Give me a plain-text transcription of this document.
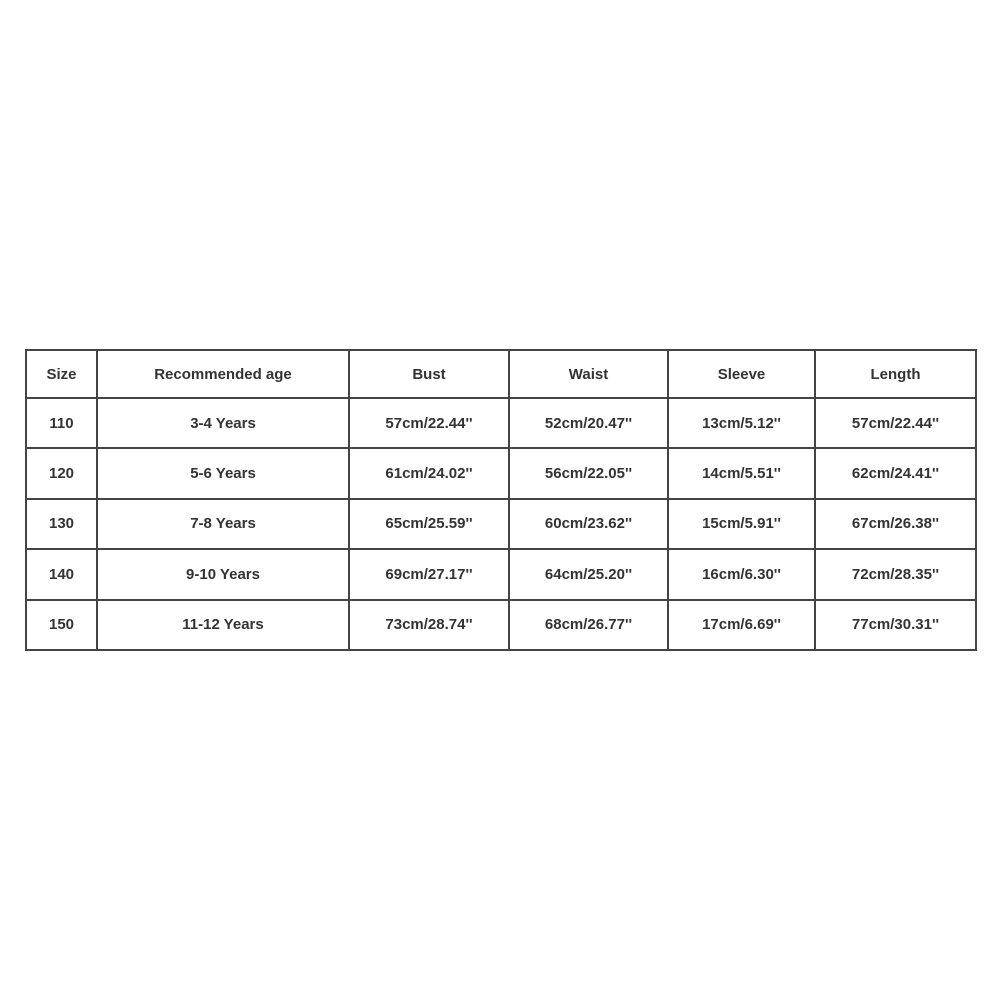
Size	Recommended age	Bust	Waist	Sleeve	Length
110	3-4 Years	57cm/22.44''	52cm/20.47''	13cm/5.12''	57cm/22.44''
120	5-6 Years	61cm/24.02''	56cm/22.05''	14cm/5.51''	62cm/24.41''
130	7-8 Years	65cm/25.59''	60cm/23.62''	15cm/5.91''	67cm/26.38''
140	9-10 Years	69cm/27.17''	64cm/25.20''	16cm/6.30''	72cm/28.35''
150	11-12 Years	73cm/28.74''	68cm/26.77''	17cm/6.69''	77cm/30.31''
